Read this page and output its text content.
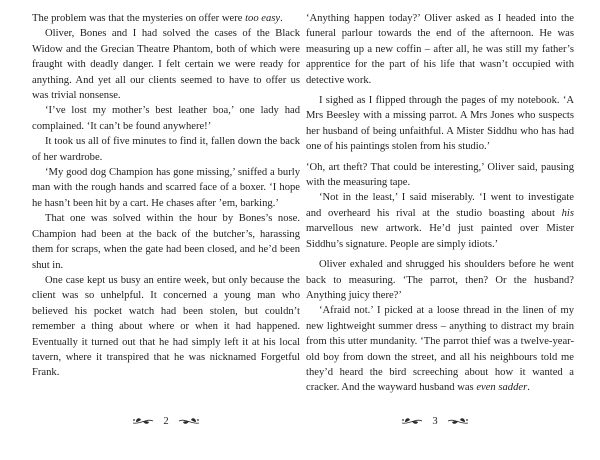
The problem was that the mysteries on offer were too easy.

Oliver, Bones and I had solved the cases of the Black Widow and the Grecian Theatre Phantom, both of which were fraught with deadly danger. I felt certain we were ready for anything. And yet all our clients seemed to have to offer us was trivial nonsense.

‘I’ve lost my mother’s best leather boa,’ one lady had complained. ‘It can’t be found anywhere!’

It took us all of five minutes to find it, fallen down the back of her wardrobe.

‘My good dog Champion has gone missing,’ sniffed a burly man with the rough hands and scarred face of a boxer. ‘I hope he hasn’t been hit by a cart. He chases after ’em, barking.’

That one was solved within the hour by Bones’s nose. Champion had been at the back of the butcher’s, harassing them for scraps, when the gate had been closed, and he’d been shut in.

One case kept us busy an entire week, but only because the client was so unhelpful. It concerned a young man who believed his pocket watch had been stolen, but couldn’t remember a thing about where or when it had happened. Eventually it turned out that he had simply left it at his local tavern, where it transpired that he was nicknamed Forgetful Frank.

2

‘Anything happen today?’ Oliver asked as I headed into the funeral parlour towards the end of the afternoon. He was measuring up a new coffin – after all, he was still my father’s apprentice for the part of his life that wasn’t occupied with detective work.

I sighed as I flipped through the pages of my notebook. ‘A Mrs Beesley with a missing parrot. A Mrs Jones who suspects her husband of being unfaithful. A Mister Siddhu who has had one of his paintings stolen from his studio.’

‘Oh, art theft? That could be interesting,’ Oliver said, pausing with the measuring tape.

‘Not in the least,’ I said miserably. ‘I went to investigate and overheard his rival at the studio boasting about his marvellous new artwork. He’d just painted over Mister Siddhu’s signature. People are simply idiots.’

Oliver exhaled and shrugged his shoulders before he went back to measuring. ‘The parrot, then? Or the husband? Anything juicy there?’

‘Afraid not.’ I picked at a loose thread in the linen of my new lightweight summer dress – anything to distract my brain from this utter mundanity. ‘The parrot thief was a twelve-year-old boy from down the street, and all his neighbours told me they’d heard the bird screeching about how it wanted a cracker. And the wayward husband was even sadder.

3
